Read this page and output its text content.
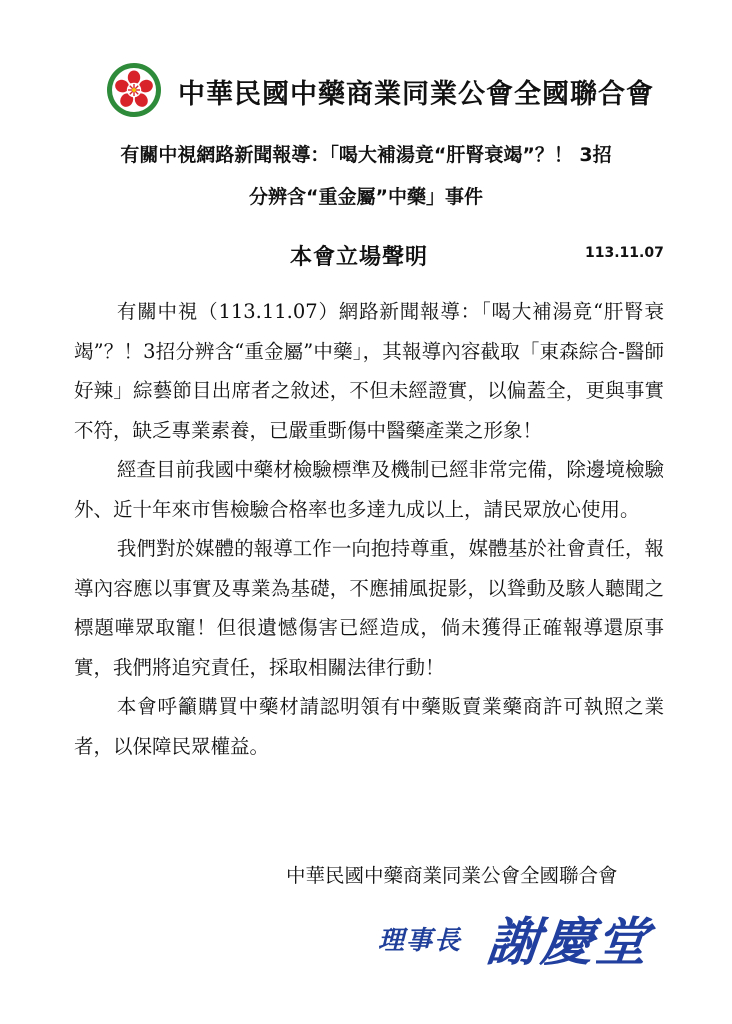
中華民國中藥商業同業公會全國聯合會
有關中視網路新聞報導：「喝大補湯竟“肝腎衰竭”？！ 3招
分辨含“重金屬”中藥」事件
本會立場聲明	113.11.07

有關中視（113.11.07）網路新聞報導：「喝大補湯竟“肝腎衰竭”？！3招分辨含“重金屬”中藥」，其報導內容截取「東森綜合-醫師好辣」綜藝節目出席者之敘述，不但未經證實，以偏蓋全，更與事實不符，缺乏專業素養，已嚴重斲傷中醫藥產業之形象！

經查目前我國中藥材檢驗標準及機制已經非常完備，除邊境檢驗外、近十年來市售檢驗合格率也多達九成以上，請民眾放心使用。

我們對於媒體的報導工作一向抱持尊重，媒體基於社會責任，報導內容應以事實及專業為基礎，不應捕風捉影，以聳動及駭人聽聞之標題嘩眾取寵！但很遺憾傷害已經造成，倘未獲得正確報導還原事實，我們將追究責任，採取相關法律行動！

本會呼籲購買中藥材請認明領有中藥販賣業藥商許可執照之業者，以保障民眾權益。

中華民國中藥商業同業公會全國聯合會
理事長 謝慶堂
